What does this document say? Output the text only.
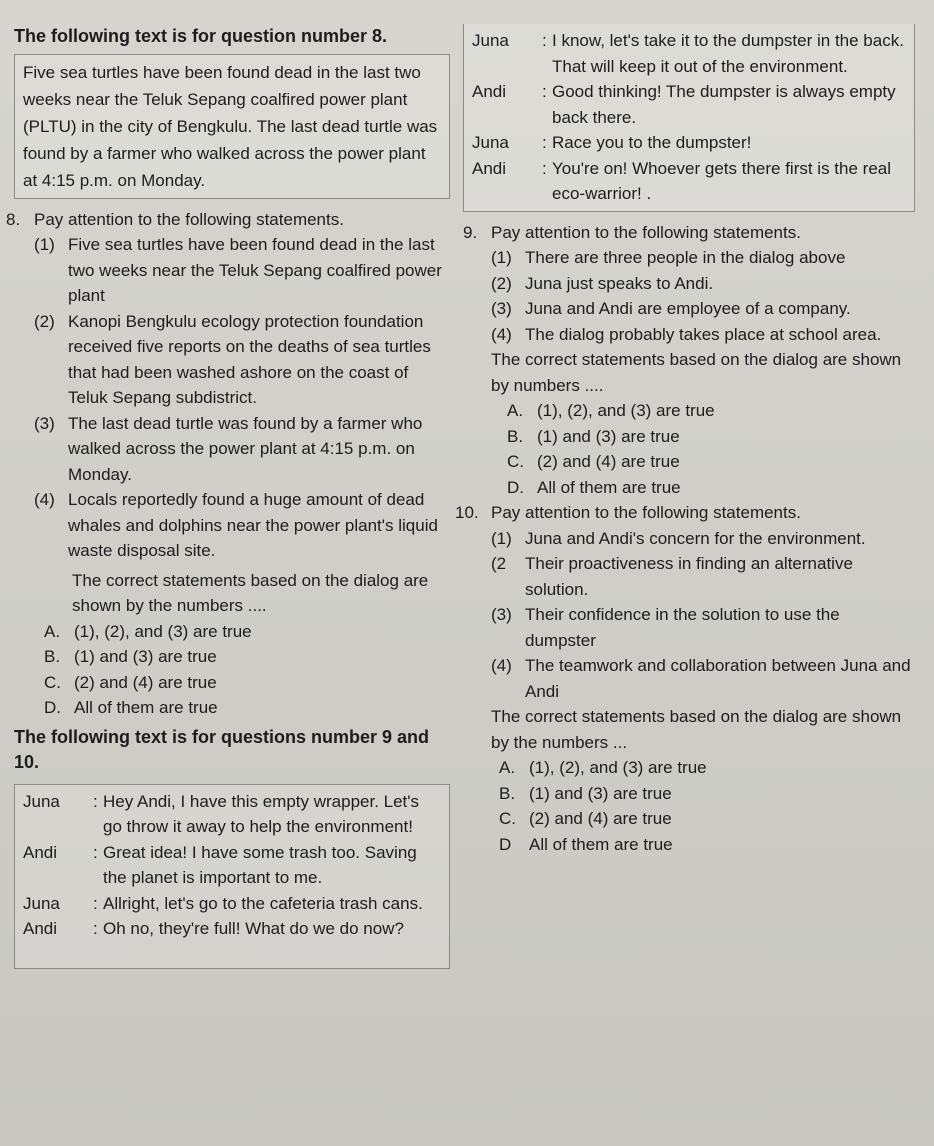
The following text is for question number 8.
Five sea turtles have been found dead in the last two weeks near the Teluk Sepang coalfired power plant (PLTU) in the city of Bengkulu. The last dead turtle was found by a farmer who walked across the power plant at 4:15 p.m. on Monday.
8. Pay attention to the following statements.
(1) Five sea turtles have been found dead in the last two weeks near the Teluk Sepang coalfired power plant
(2) Kanopi Bengkulu ecology protection foundation received five reports on the deaths of sea turtles that had been washed ashore on the coast of Teluk Sepang subdistrict.
(3) The last dead turtle was found by a farmer who walked across the power plant at 4:15 p.m. on Monday.
(4) Locals reportedly found a huge amount of dead whales and dolphins near the power plant's liquid waste disposal site.
The correct statements based on the dialog are shown by the numbers ....
A. (1), (2), and (3) are true
B. (1) and (3) are true
C. (2) and (4) are true
D. All of them are true
The following text is for questions number 9 and 10.
Juna	: Hey Andi, I have this empty wrapper. Let's go throw it away to help the environment!
Andi	: Great idea! I have some trash too. Saving the planet is important to me.
Juna	: Allright, let's go to the cafeteria trash cans.
Andi	: Oh no, they're full! What do we do now?
Juna	: I know, let's take it to the dumpster in the back. That will keep it out of the environment.
Andi	: Good thinking! The dumpster is always empty back there.
Juna	: Race you to the dumpster!
Andi	: You're on! Whoever gets there first is the real eco-warrior! .
9. Pay attention to the following statements.
(1) There are three people in the dialog above
(2) Juna just speaks to Andi.
(3) Juna and Andi are employee of a company.
(4) The dialog probably takes place at school area.
The correct statements based on the dialog are shown by numbers ....
A. (1), (2), and (3) are true
B. (1) and (3) are true
C. (2) and (4) are true
D. All of them are true
10. Pay attention to the following statements.
(1) Juna and Andi's concern for the environment.
(2	Their proactiveness in finding an alternative solution.
(3) Their confidence in the solution to use the dumpster
(4) The teamwork and collaboration between Juna and Andi
The correct statements based on the dialog are shown by the numbers ...
A. (1), (2), and (3) are true
B. (1) and (3) are true
C. (2) and (4) are true
D	All of them are true
